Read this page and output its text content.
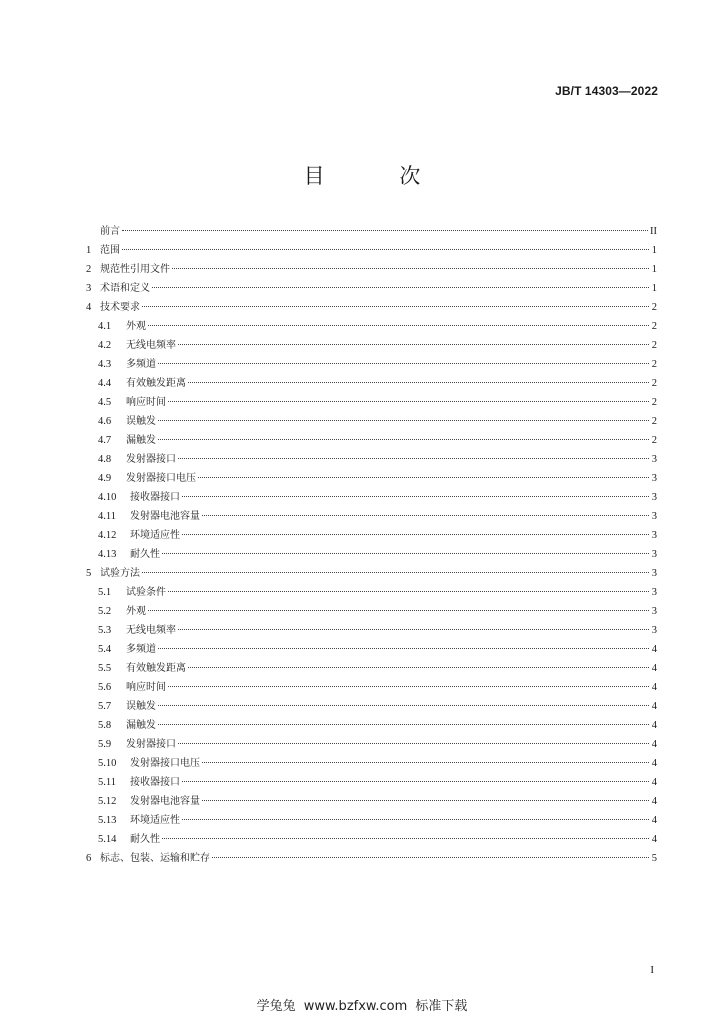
JB/T 14303—2022
目 次
前言	II
1 范围	1
2 规范性引用文件	1
3 术语和定义	1
4 技术要求	2
4.1	外观	2
4.2	无线电频率	2
4.3	多频道	2
4.4	有效触发距离	2
4.5	响应时间	2
4.6	误触发	2
4.7	漏触发	2
4.8	发射器接口	3
4.9	发射器接口电压	3
4.10	接收器接口	3
4.11	发射器电池容量	3
4.12	环境适应性	3
4.13	耐久性	3
5 试验方法	3
5.1	试验条件	3
5.2	外观	3
5.3	无线电频率	3
5.4	多频道	4
5.5	有效触发距离	4
5.6	响应时间	4
5.7	误触发	4
5.8	漏触发	4
5.9	发射器接口	4
5.10	发射器接口电压	4
5.11	接收器接口	4
5.12	发射器电池容量	4
5.13	环境适应性	4
5.14	耐久性	4
6 标志、包装、运输和贮存	5
I
学兔兔 www.bzfxw.com 标准下载
